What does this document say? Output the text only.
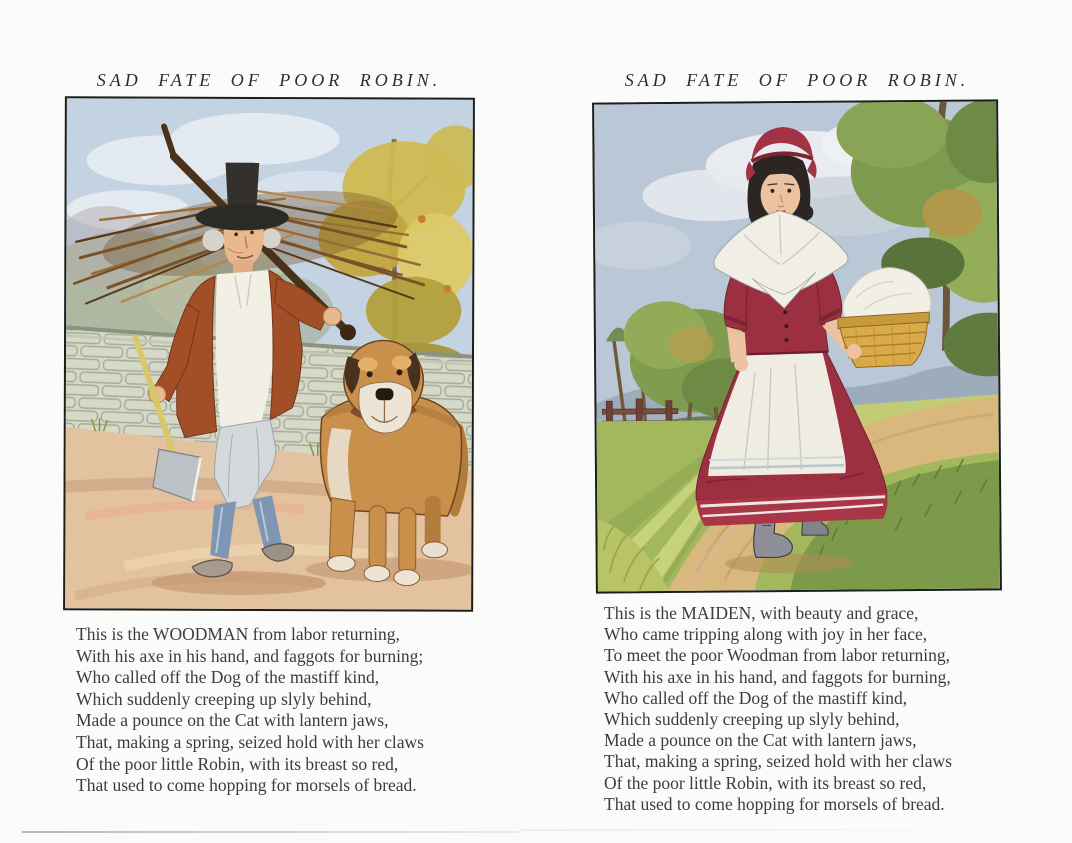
SAD FATE OF POOR ROBIN.
This is the WOODMAN from labor returning,
With his axe in his hand, and faggots for burning;
Who called off the Dog of the mastiff kind,
Which suddenly creeping up slyly behind,
Made a pounce on the Cat with lantern jaws,
That, making a spring, seized hold with her claws
Of the poor little Robin, with its breast so red,
That used to come hopping for morsels of bread.
SAD FATE OF POOR ROBIN.
This is the MAIDEN, with beauty and grace,
Who came tripping along with joy in her face,
To meet the poor Woodman from labor returning,
With his axe in his hand, and faggots for burning,
Who called off the Dog of the mastiff kind,
Which suddenly creeping up slyly behind,
Made a pounce on the Cat with lantern jaws,
That, making a spring, seized hold with her claws
Of the poor little Robin, with its breast so red,
That used to come hopping for morsels of bread.
